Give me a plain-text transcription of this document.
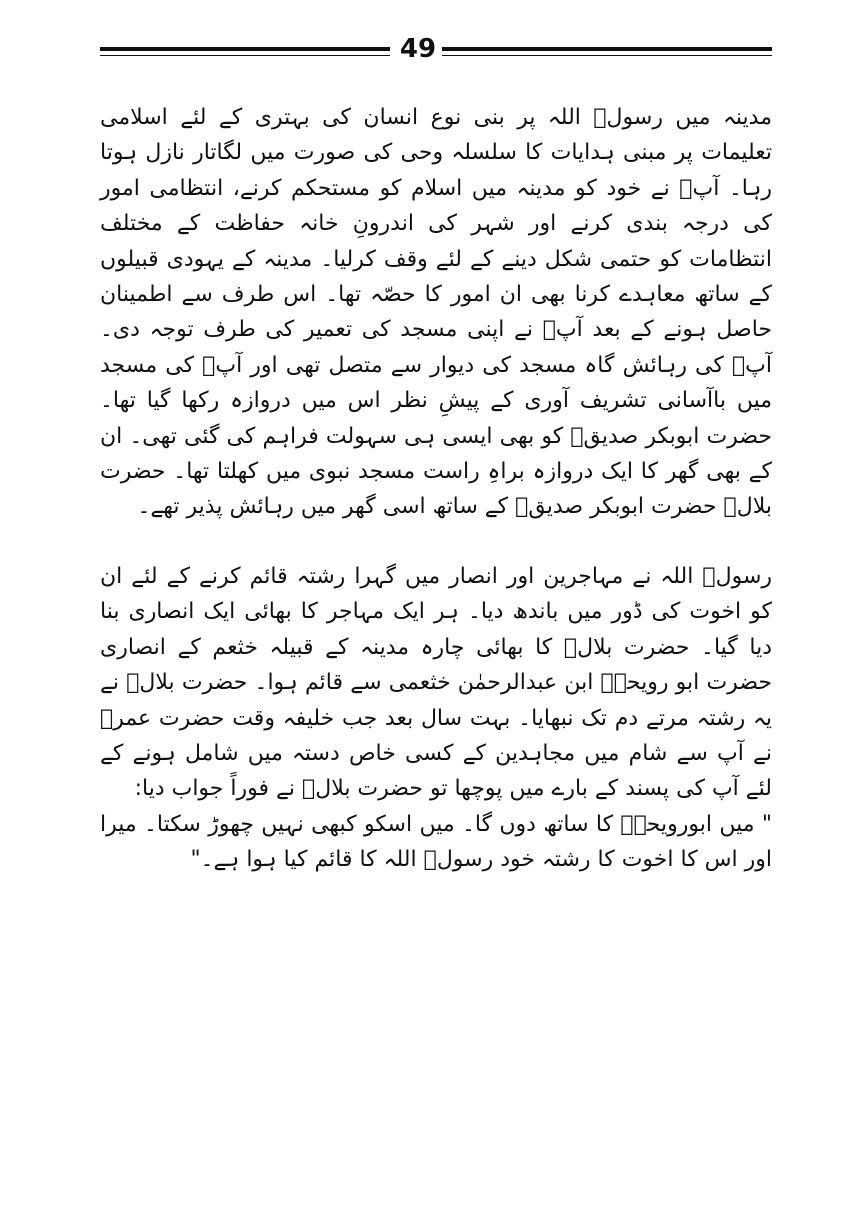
49

مدینہ میں رسولؐ اللہ پر بنی نوع انسان کی بہتری کے لئے اسلامی تعلیمات پر مبنی ہدایات کا سلسلہ وحی کی صورت میں لگاتار نازل ہوتا رہا۔ آپؐ نے خود کو مدینہ میں اسلام کو مستحکم کرنے، انتظامی امور کی درجہ بندی کرنے اور شہر کی اندرونِ خانہ حفاظت کے مختلف انتظامات کو حتمی شکل دینے کے لئے وقف کرلیا۔ مدینہ کے یہودی قبیلوں کے ساتھ معاہدے کرنا بھی ان امور کا حصّہ تھا۔ اس طرف سے اطمینان حاصل ہونے کے بعد آپؐ نے اپنی مسجد کی تعمیر کی طرف توجہ دی۔ آپؐ کی رہائش گاہ مسجد کی دیوار سے متصل تھی اور آپؐ کی مسجد میں باآسانی تشریف آوری کے پیشِ نظر اس میں دروازہ رکھا گیا تھا۔ حضرت ابوبکر صدیقؓ کو بھی ایسی ہی سہولت فراہم کی گئی تھی۔ ان کے بھی گھر کا ایک دروازہ براہِ راست مسجد نبوی میں کھلتا تھا۔ حضرت بلالؓ حضرت ابوبکر صدیقؓ کے ساتھ اسی گھر میں رہائش پذیر تھے۔

رسولؐ اللہ نے مہاجرین اور انصار میں گہرا رشتہ قائم کرنے کے لئے ان کو اخوت کی ڈور میں باندھ دیا۔ ہر ایک مہاجر کا بھائی ایک انصاری بنا دیا گیا۔ حضرت بلالؓ کا بھائی چارہ مدینہ کے قبیلہ خثعم کے انصاری حضرت ابو رویحہؓ ابن عبدالرحمٰن خثعمی سے قائم ہوا۔ حضرت بلالؓ نے یہ رشتہ مرتے دم تک نبھایا۔ بہت سال بعد جب خلیفہ وقت حضرت عمرؓ نے آپ سے شام میں مجاہدین کے کسی خاص دستہ میں شامل ہونے کے لئے آپ کی پسند کے بارے میں پوچھا تو حضرت بلالؓ نے فوراً جواب دیا:

" میں ابورویحہؓ کا ساتھ دوں گا۔ میں اسکو کبھی نہیں چھوڑ سکتا۔ میرا اور اس کا اخوت کا رشتہ خود رسولؐ اللہ کا قائم کیا ہوا ہے۔"
